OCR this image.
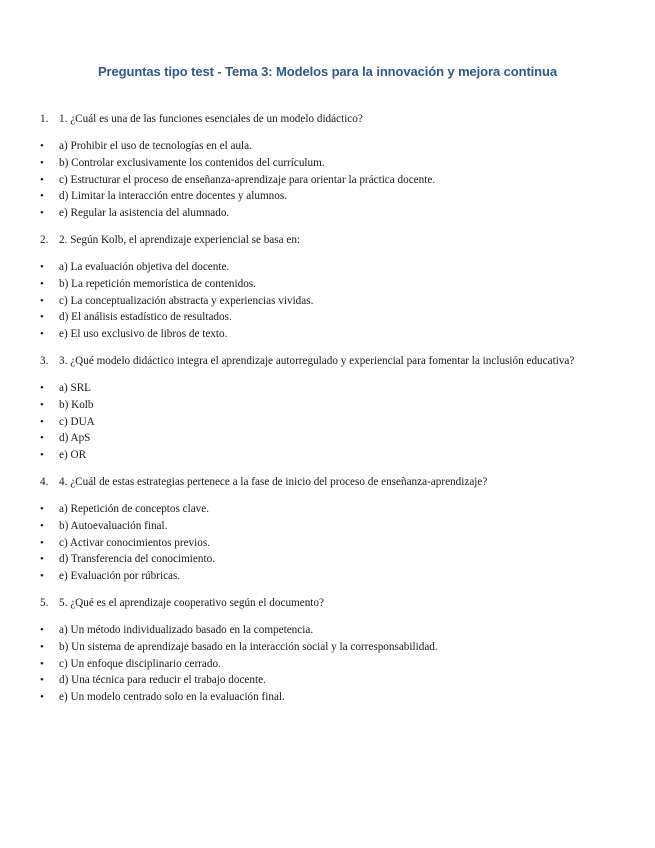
Preguntas tipo test - Tema 3: Modelos para la innovación y mejora continua
1. 1. ¿Cuál es una de las funciones esenciales de un modelo didáctico?
• a) Prohibir el uso de tecnologías en el aula.
• b) Controlar exclusivamente los contenidos del currículum.
• c) Estructurar el proceso de enseñanza-aprendizaje para orientar la práctica docente.
• d) Limitar la interacción entre docentes y alumnos.
• e) Regular la asistencia del alumnado.
2. 2. Según Kolb, el aprendizaje experiencial se basa en:
• a) La evaluación objetiva del docente.
• b) La repetición memorística de contenidos.
• c) La conceptualización abstracta y experiencias vividas.
• d) El análisis estadístico de resultados.
• e) El uso exclusivo de libros de texto.
3. 3. ¿Qué modelo didáctico integra el aprendizaje autorregulado y experiencial para fomentar la inclusión educativa?
• a) SRL
• b) Kolb
• c) DUA
• d) ApS
• e) OR
4. 4. ¿Cuál de estas estrategias pertenece a la fase de inicio del proceso de enseñanza-aprendizaje?
• a) Repetición de conceptos clave.
• b) Autoevaluación final.
• c) Activar conocimientos previos.
• d) Transferencia del conocimiento.
• e) Evaluación por rúbricas.
5. 5. ¿Qué es el aprendizaje cooperativo según el documento?
• a) Un método individualizado basado en la competencia.
• b) Un sistema de aprendizaje basado en la interacción social y la corresponsabilidad.
• c) Un enfoque disciplinario cerrado.
• d) Una técnica para reducir el trabajo docente.
• e) Un modelo centrado solo en la evaluación final.
